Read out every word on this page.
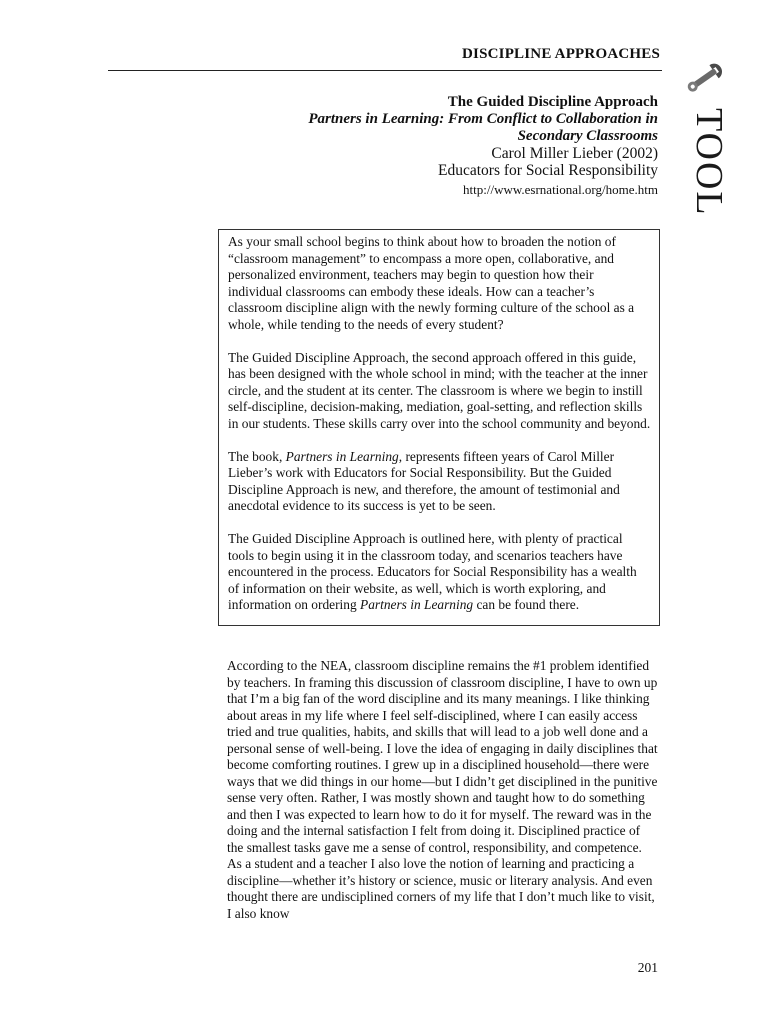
DISCIPLINE APPROACHES
TOOL
The Guided Discipline Approach
Partners in Learning: From Conflict to Collaboration in
Secondary Classrooms
Carol Miller Lieber (2002)
Educators for Social Responsibility
http://www.esrnational.org/home.htm

As your small school begins to think about how to broaden the notion of “classroom management” to encompass a more open, collaborative, and personalized environment, teachers may begin to question how their individual classrooms can embody these ideals. How can a teacher’s classroom discipline align with the newly forming culture of the school as a whole, while tending to the needs of every student?

The Guided Discipline Approach, the second approach offered in this guide, has been designed with the whole school in mind; with the teacher at the inner circle, and the student at its center. The classroom is where we begin to instill self-discipline, decision-making, mediation, goal-setting, and reflection skills in our students. These skills carry over into the school community and beyond.

The book, Partners in Learning, represents fifteen years of Carol Miller Lieber’s work with Educators for Social Responsibility. But the Guided Discipline Approach is new, and therefore, the amount of testimonial and anecdotal evidence to its success is yet to be seen.

The Guided Discipline Approach is outlined here, with plenty of practical tools to begin using it in the classroom today, and scenarios teachers have encountered in the process. Educators for Social Responsibility has a wealth of information on their website, as well, which is worth exploring, and information on ordering Partners in Learning can be found there.

According to the NEA, classroom discipline remains the #1 problem identified by teachers. In framing this discussion of classroom discipline, I have to own up that I’m a big fan of the word discipline and its many meanings. I like thinking about areas in my life where I feel self-disciplined, where I can easily access tried and true qualities, habits, and skills that will lead to a job well done and a personal sense of well-being. I love the idea of engaging in daily disciplines that become comforting routines. I grew up in a disciplined household—there were ways that we did things in our home—but I didn’t get disciplined in the punitive sense very often. Rather, I was mostly shown and taught how to do something and then I was expected to learn how to do it for myself. The reward was in the doing and the internal satisfaction I felt from doing it. Disciplined practice of the smallest tasks gave me a sense of control, responsibility, and competence. As a student and a teacher I also love the notion of learning and practicing a discipline—whether it’s history or science, music or literary analysis. And even thought there are undisciplined corners of my life that I don’t much like to visit, I also know

201
